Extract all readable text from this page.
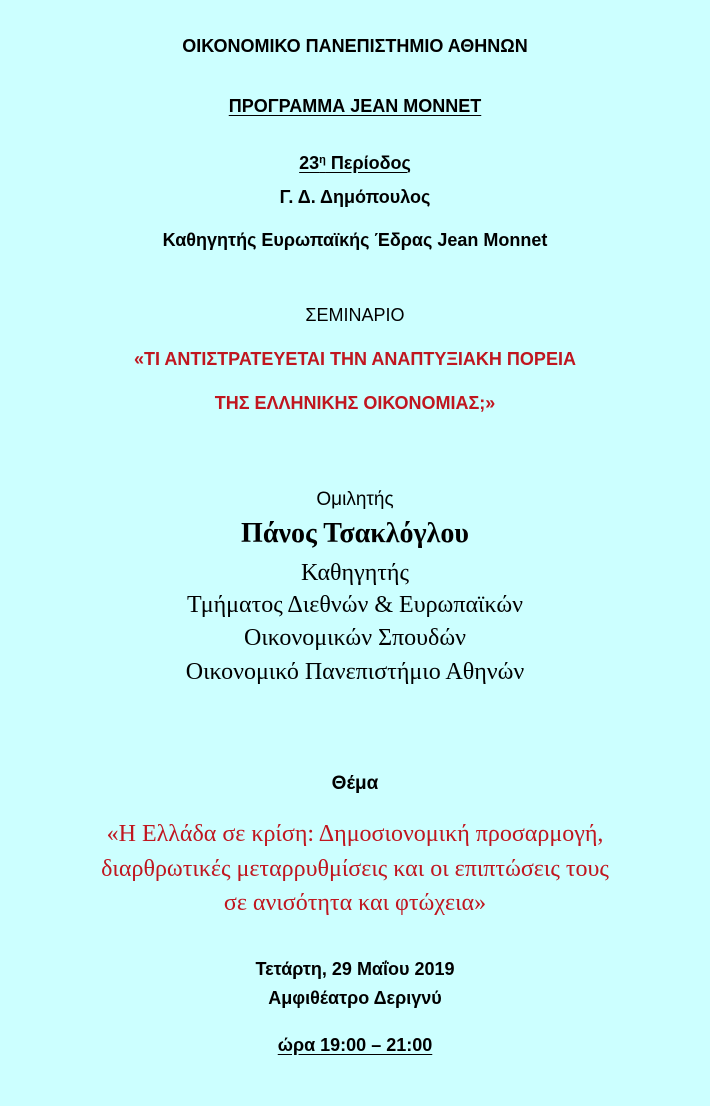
ΟΙΚΟΝΟΜΙΚΟ ΠΑΝΕΠΙΣΤΗΜΙΟ ΑΘΗΝΩΝ

ΠΡΟΓΡΑΜΜΑ JEAN MONNET

$23^\eta$ Περίοδος

Γ. Δ. Δημόπουλος

Καθηγητής Ευρωπαϊκής Έδρας Jean Monnet

ΣΕΜΙΝΑΡΙΟ

«ΤΙ ΑΝΤΙΣΤΡΑΤΕΥΕΤΑΙ ΤΗΝ ΑΝΑΠΤΥΞΙΑΚΗ ΠΟΡΕΙΑ

ΤΗΣ ΕΛΛΗΝΙΚΗΣ ΟΙΚΟΝΟΜΙΑΣ;»

Ομιλητής

Πάνος Τσακλόγλου

Καθηγητής

Τμήματος Διεθνών & Ευρωπαϊκών

Οικονομικών Σπουδών

Οικονομικό Πανεπιστήμιο Αθηνών

Θέμα

«Η Ελλάδα σε κρίση: Δημοσιονομική προσαρμογή,

διαρθρωτικές μεταρρυθμίσεις και οι επιπτώσεις τους

σε ανισότητα και φτώχεια»

Τετάρτη, 29 Μαΐου 2019

Αμφιθέατρο Δεριγνύ

ώρα 19:00 – 21:00
